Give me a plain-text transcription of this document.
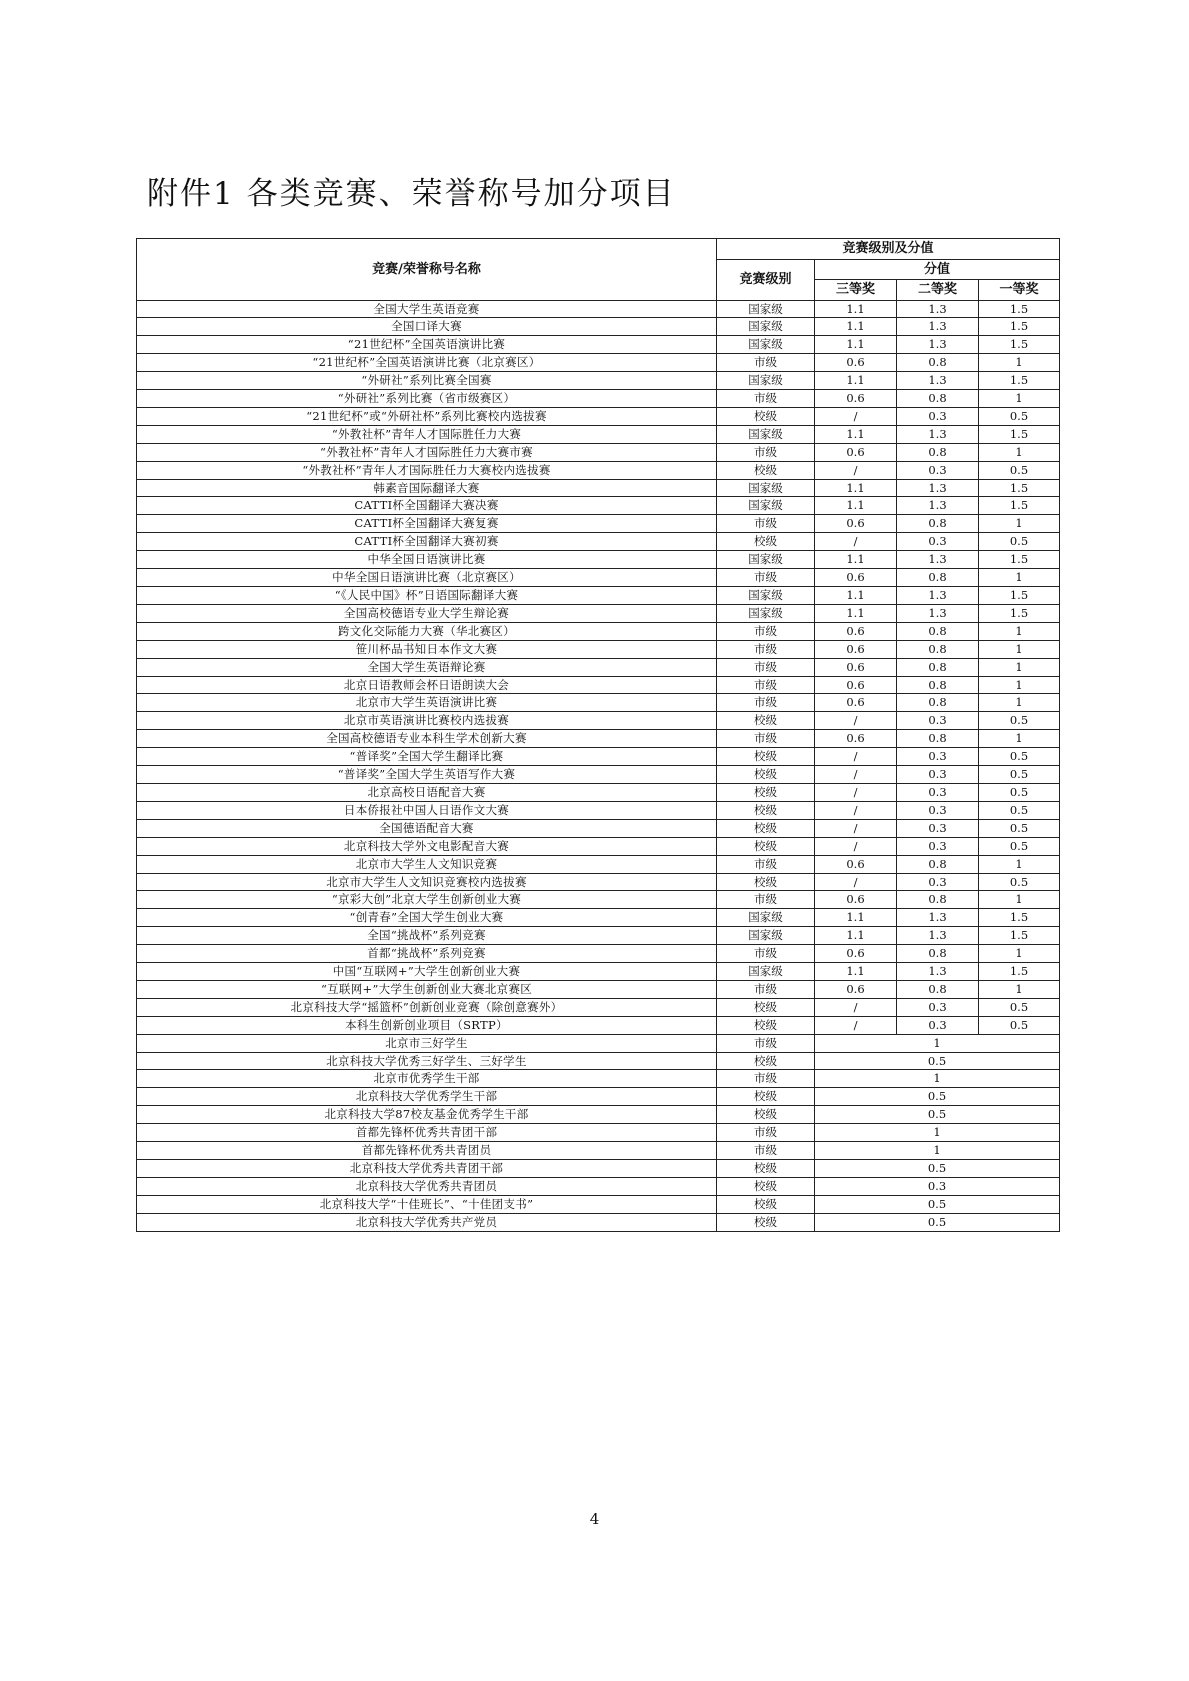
附件1 各类竞赛、荣誉称号加分项目
竞赛/荣誉称号名称	竞赛级别及分值			
	竞赛级别	分值		
		三等奖	二等奖	一等奖
全国大学生英语竞赛	国家级	1.1	1.3	1.5
全国口译大赛	国家级	1.1	1.3	1.5
“21世纪杯”全国英语演讲比赛	国家级	1.1	1.3	1.5
“21世纪杯”全国英语演讲比赛（北京赛区）	市级	0.6	0.8	1
“外研社”系列比赛全国赛	国家级	1.1	1.3	1.5
“外研社”系列比赛（省市级赛区）	市级	0.6	0.8	1
“21世纪杯”或“外研社杯”系列比赛校内选拔赛	校级	/	0.3	0.5
“外教社杯”青年人才国际胜任力大赛	国家级	1.1	1.3	1.5
“外教社杯”青年人才国际胜任力大赛市赛	市级	0.6	0.8	1
“外教社杯”青年人才国际胜任力大赛校内选拔赛	校级	/	0.3	0.5
韩素音国际翻译大赛	国家级	1.1	1.3	1.5
CATTI杯全国翻译大赛决赛	国家级	1.1	1.3	1.5
CATTI杯全国翻译大赛复赛	市级	0.6	0.8	1
CATTI杯全国翻译大赛初赛	校级	/	0.3	0.5
中华全国日语演讲比赛	国家级	1.1	1.3	1.5
中华全国日语演讲比赛（北京赛区）	市级	0.6	0.8	1
“《人民中国》杯”日语国际翻译大赛	国家级	1.1	1.3	1.5
全国高校德语专业大学生辩论赛	国家级	1.1	1.3	1.5
跨文化交际能力大赛（华北赛区）	市级	0.6	0.8	1
笹川杯品书知日本作文大赛	市级	0.6	0.8	1
全国大学生英语辩论赛	市级	0.6	0.8	1
北京日语教师会杯日语朗读大会	市级	0.6	0.8	1
北京市大学生英语演讲比赛	市级	0.6	0.8	1
北京市英语演讲比赛校内选拔赛	校级	/	0.3	0.5
全国高校德语专业本科生学术创新大赛	市级	0.6	0.8	1
“普译奖”全国大学生翻译比赛	校级	/	0.3	0.5
“普译奖”全国大学生英语写作大赛	校级	/	0.3	0.5
北京高校日语配音大赛	校级	/	0.3	0.5
日本侨报社中国人日语作文大赛	校级	/	0.3	0.5
全国德语配音大赛	校级	/	0.3	0.5
北京科技大学外文电影配音大赛	校级	/	0.3	0.5
北京市大学生人文知识竞赛	市级	0.6	0.8	1
北京市大学生人文知识竞赛校内选拔赛	校级	/	0.3	0.5
“京彩大创”北京大学生创新创业大赛	市级	0.6	0.8	1
“创青春”全国大学生创业大赛	国家级	1.1	1.3	1.5
全国“挑战杯”系列竞赛	国家级	1.1	1.3	1.5
首都“挑战杯”系列竞赛	市级	0.6	0.8	1
中国“互联网+”大学生创新创业大赛	国家级	1.1	1.3	1.5
“互联网+”大学生创新创业大赛北京赛区	市级	0.6	0.8	1
北京科技大学“摇篮杯”创新创业竞赛（除创意赛外）	校级	/	0.3	0.5
本科生创新创业项目（SRTP）	校级	/	0.3	0.5
北京市三好学生	市级	1		
北京科技大学优秀三好学生、三好学生	校级	0.5		
北京市优秀学生干部	市级	1		
北京科技大学优秀学生干部	校级	0.5		
北京科技大学87校友基金优秀学生干部	校级	0.5		
首都先锋杯优秀共青团干部	市级	1		
首都先锋杯优秀共青团员	市级	1		
北京科技大学优秀共青团干部	校级	0.5		
北京科技大学优秀共青团员	校级	0.3		
北京科技大学“十佳班长”、“十佳团支书”	校级	0.5		
北京科技大学优秀共产党员	校级	0.5		
4
